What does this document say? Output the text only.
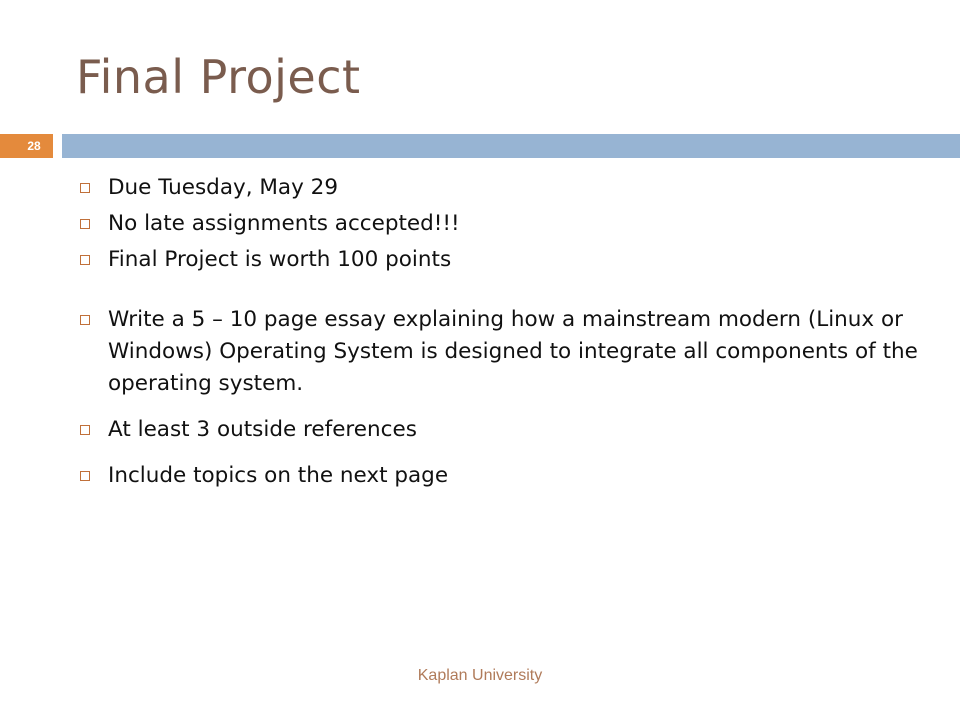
Final Project
28
Due Tuesday, May 29
No late assignments accepted!!!
Final Project is worth 100 points
Write a 5 – 10 page essay explaining how a mainstream modern (Linux or Windows) Operating System is designed to integrate all components of the operating system.
At least 3 outside references
Include topics on the next page
Kaplan University
